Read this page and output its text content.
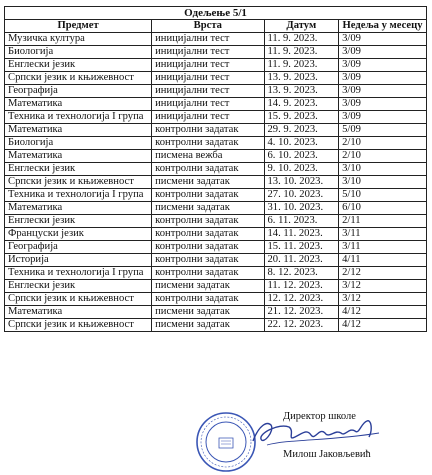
Одељење 5/1			
Предмет	Врста	Датум	Недеља у месецу
Музичка култура	иницијални тест	11. 9. 2023.	3/09
Биологија	иницијални тест	11. 9. 2023.	3/09
Енглески језик	иницијални тест	11. 9. 2023.	3/09
Српски језик и књижевност	иницијални тест	13. 9. 2023.	3/09
Географија	иницијални тест	13. 9. 2023.	3/09
Математика	иницијални тест	14. 9. 2023.	3/09
Техника и технологија I група	иницијални тест	15. 9. 2023.	3/09
Математика	контролни задатак	29. 9. 2023.	5/09
Биологија	контролни задатак	4. 10. 2023.	2/10
Математика	писмена вежба	6. 10. 2023.	2/10
Енглески језик	контролни задатак	9. 10. 2023.	3/10
Српски језик и књижевност	писмени задатак	13. 10. 2023.	3/10
Техника и технологија I група	контролни задатак	27. 10. 2023.	5/10
Математика	писмени задатак	31. 10. 2023.	6/10
Енглески језик	контролни задатак	6. 11. 2023.	2/11
Француски језик	контролни задатак	14. 11. 2023.	3/11
Географија	контролни задатак	15. 11. 2023.	3/11
Историја	контролни задатак	20. 11. 2023.	4/11
Техника и технологија I група	контролни задатак	8. 12. 2023.	2/12
Енглески језик	писмени задатак	11. 12. 2023.	3/12
Српски језик и књижевност	контролни задатак	12. 12. 2023.	3/12
Математика	писмени задатак	21. 12. 2023.	4/12
Српски језик и књижевност	писмени задатак	22. 12. 2023.	4/12
Директор школе
Милош Јаковљевић
